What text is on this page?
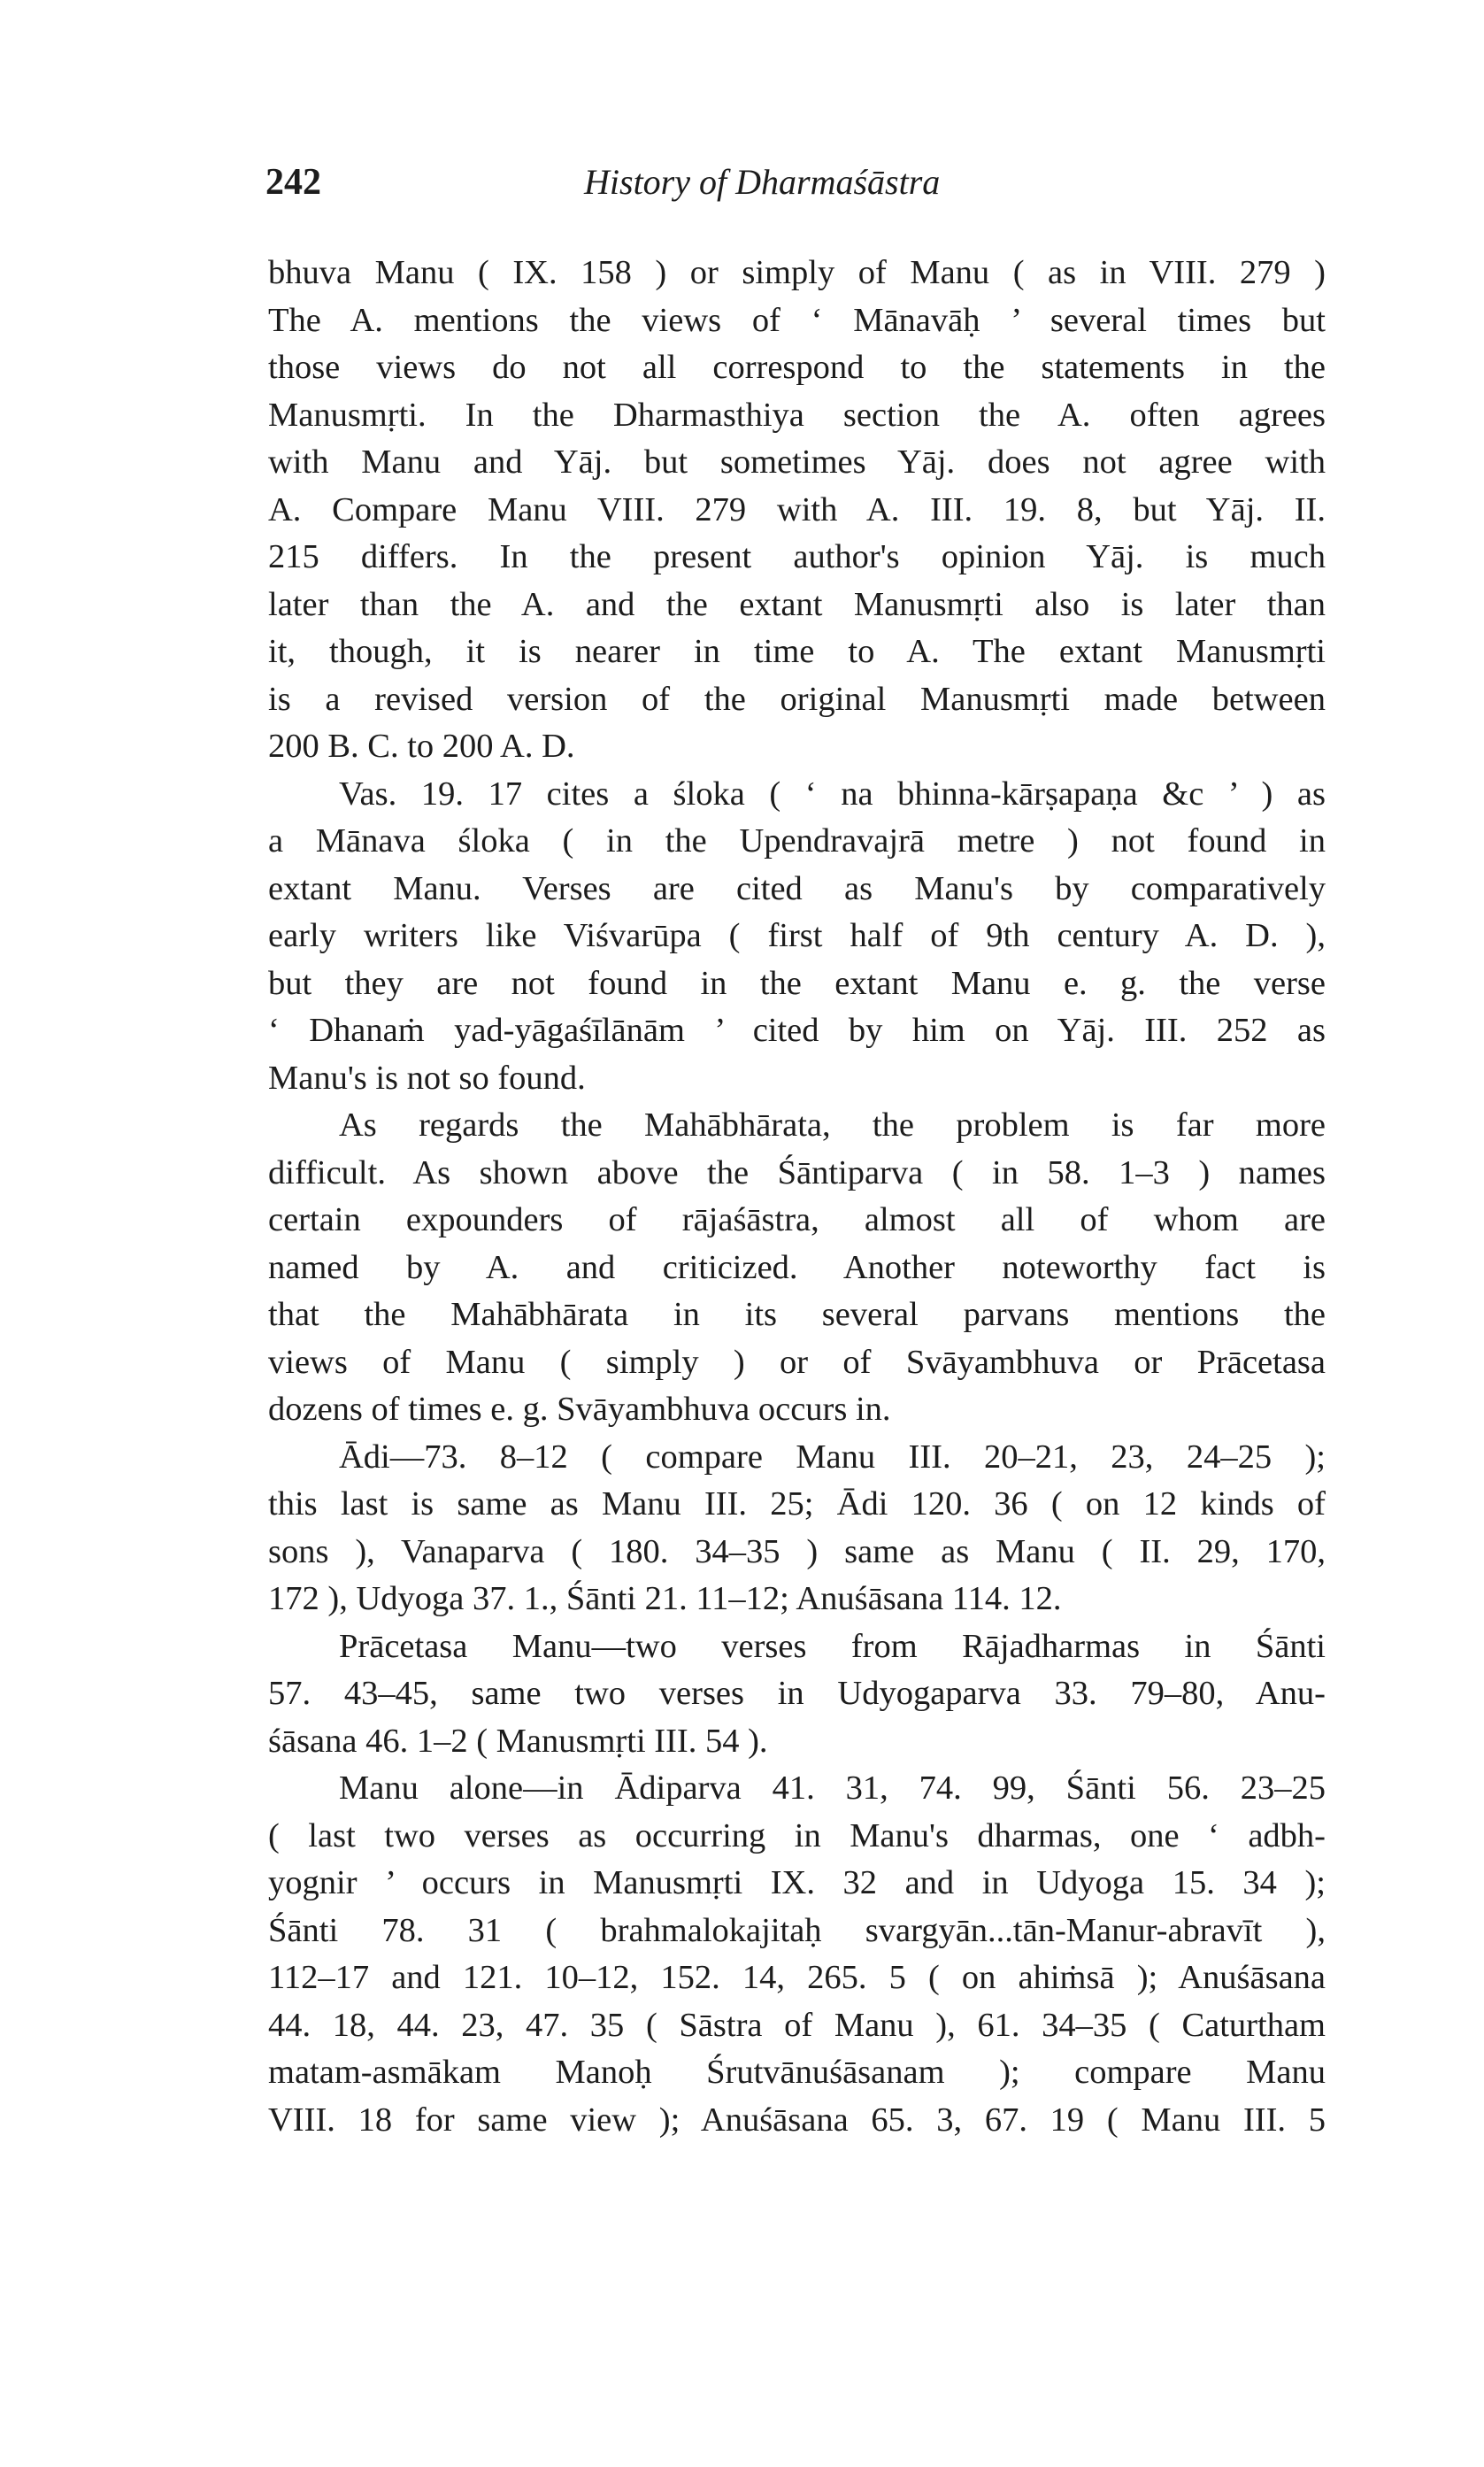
242	History of Dharmaśāstra
bhuva Manu ( IX. 158 ) or simply of Manu ( as in VIII. 279 )
The A. mentions the views of ‘ Mānavāḥ ’ several times but
those views do not all correspond to the statements in the
Manusmṛti. In the Dharmasthiya section the A. often agrees
with Manu and Yāj. but sometimes Yāj. does not agree with
A. Compare Manu VIII. 279 with A. III. 19. 8, but Yāj. II.
215 differs. In the present author's opinion Yāj. is much
later than the A. and the extant Manusmṛti also is later than
it, though, it is nearer in time to A. The extant Manusmṛti
is a revised version of the original Manusmṛti made between
200 B. C. to 200 A. D.
Vas. 19. 17 cites a śloka ( ‘ na bhinna-kārṣapaṇa &c ’ ) as
a Mānava śloka ( in the Upendravajrā metre ) not found in
extant Manu. Verses are cited as Manu's by comparatively
early writers like Viśvarūpa ( first half of 9th century A. D. ),
but they are not found in the extant Manu e. g. the verse
‘ Dhanaṁ yad-yāgaśīlānām ’ cited by him on Yāj. III. 252 as
Manu's is not so found.
As regards the Mahābhārata, the problem is far more
difficult. As shown above the Śāntiparva ( in 58. 1–3 ) names
certain expounders of rājaśāstra, almost all of whom are
named by A. and criticized. Another noteworthy fact is
that the Mahābhārata in its several parvans mentions the
views of Manu ( simply ) or of Svāyambhuva or Prācetasa
dozens of times e. g. Svāyambhuva occurs in.
Ādi—73. 8–12 ( compare Manu III. 20–21, 23, 24–25 );
this last is same as Manu III. 25; Ādi 120. 36 ( on 12 kinds of
sons ), Vanaparva ( 180. 34–35 ) same as Manu ( II. 29, 170,
172 ), Udyoga 37. 1., Śānti 21. 11–12; Anuśāsana 114. 12.
Prācetasa Manu—two verses from Rājadharmas in Śānti
57. 43–45, same two verses in Udyogaparva 33. 79–80, Anu-
śāsana 46. 1–2 ( Manusmṛti III. 54 ).
Manu alone—in Ādiparva 41. 31, 74. 99, Śānti 56. 23–25
( last two verses as occurring in Manu's dharmas, one ‘ adbh-
yognir ’ occurs in Manusmṛti IX. 32 and in Udyoga 15. 34 );
Śānti 78. 31 ( brahmalokajitaḥ svargyān...tān-Manur-abravīt ),
112–17 and 121. 10–12, 152. 14, 265. 5 ( on ahiṁsā ); Anuśāsana
44. 18, 44. 23, 47. 35 ( Sāstra of Manu ), 61. 34–35 ( Caturtham
matam-asmākam Manoḥ Śrutvānuśāsanam ); compare Manu
VIII. 18 for same view ); Anuśāsana 65. 3, 67. 19 ( Manu III. 5
